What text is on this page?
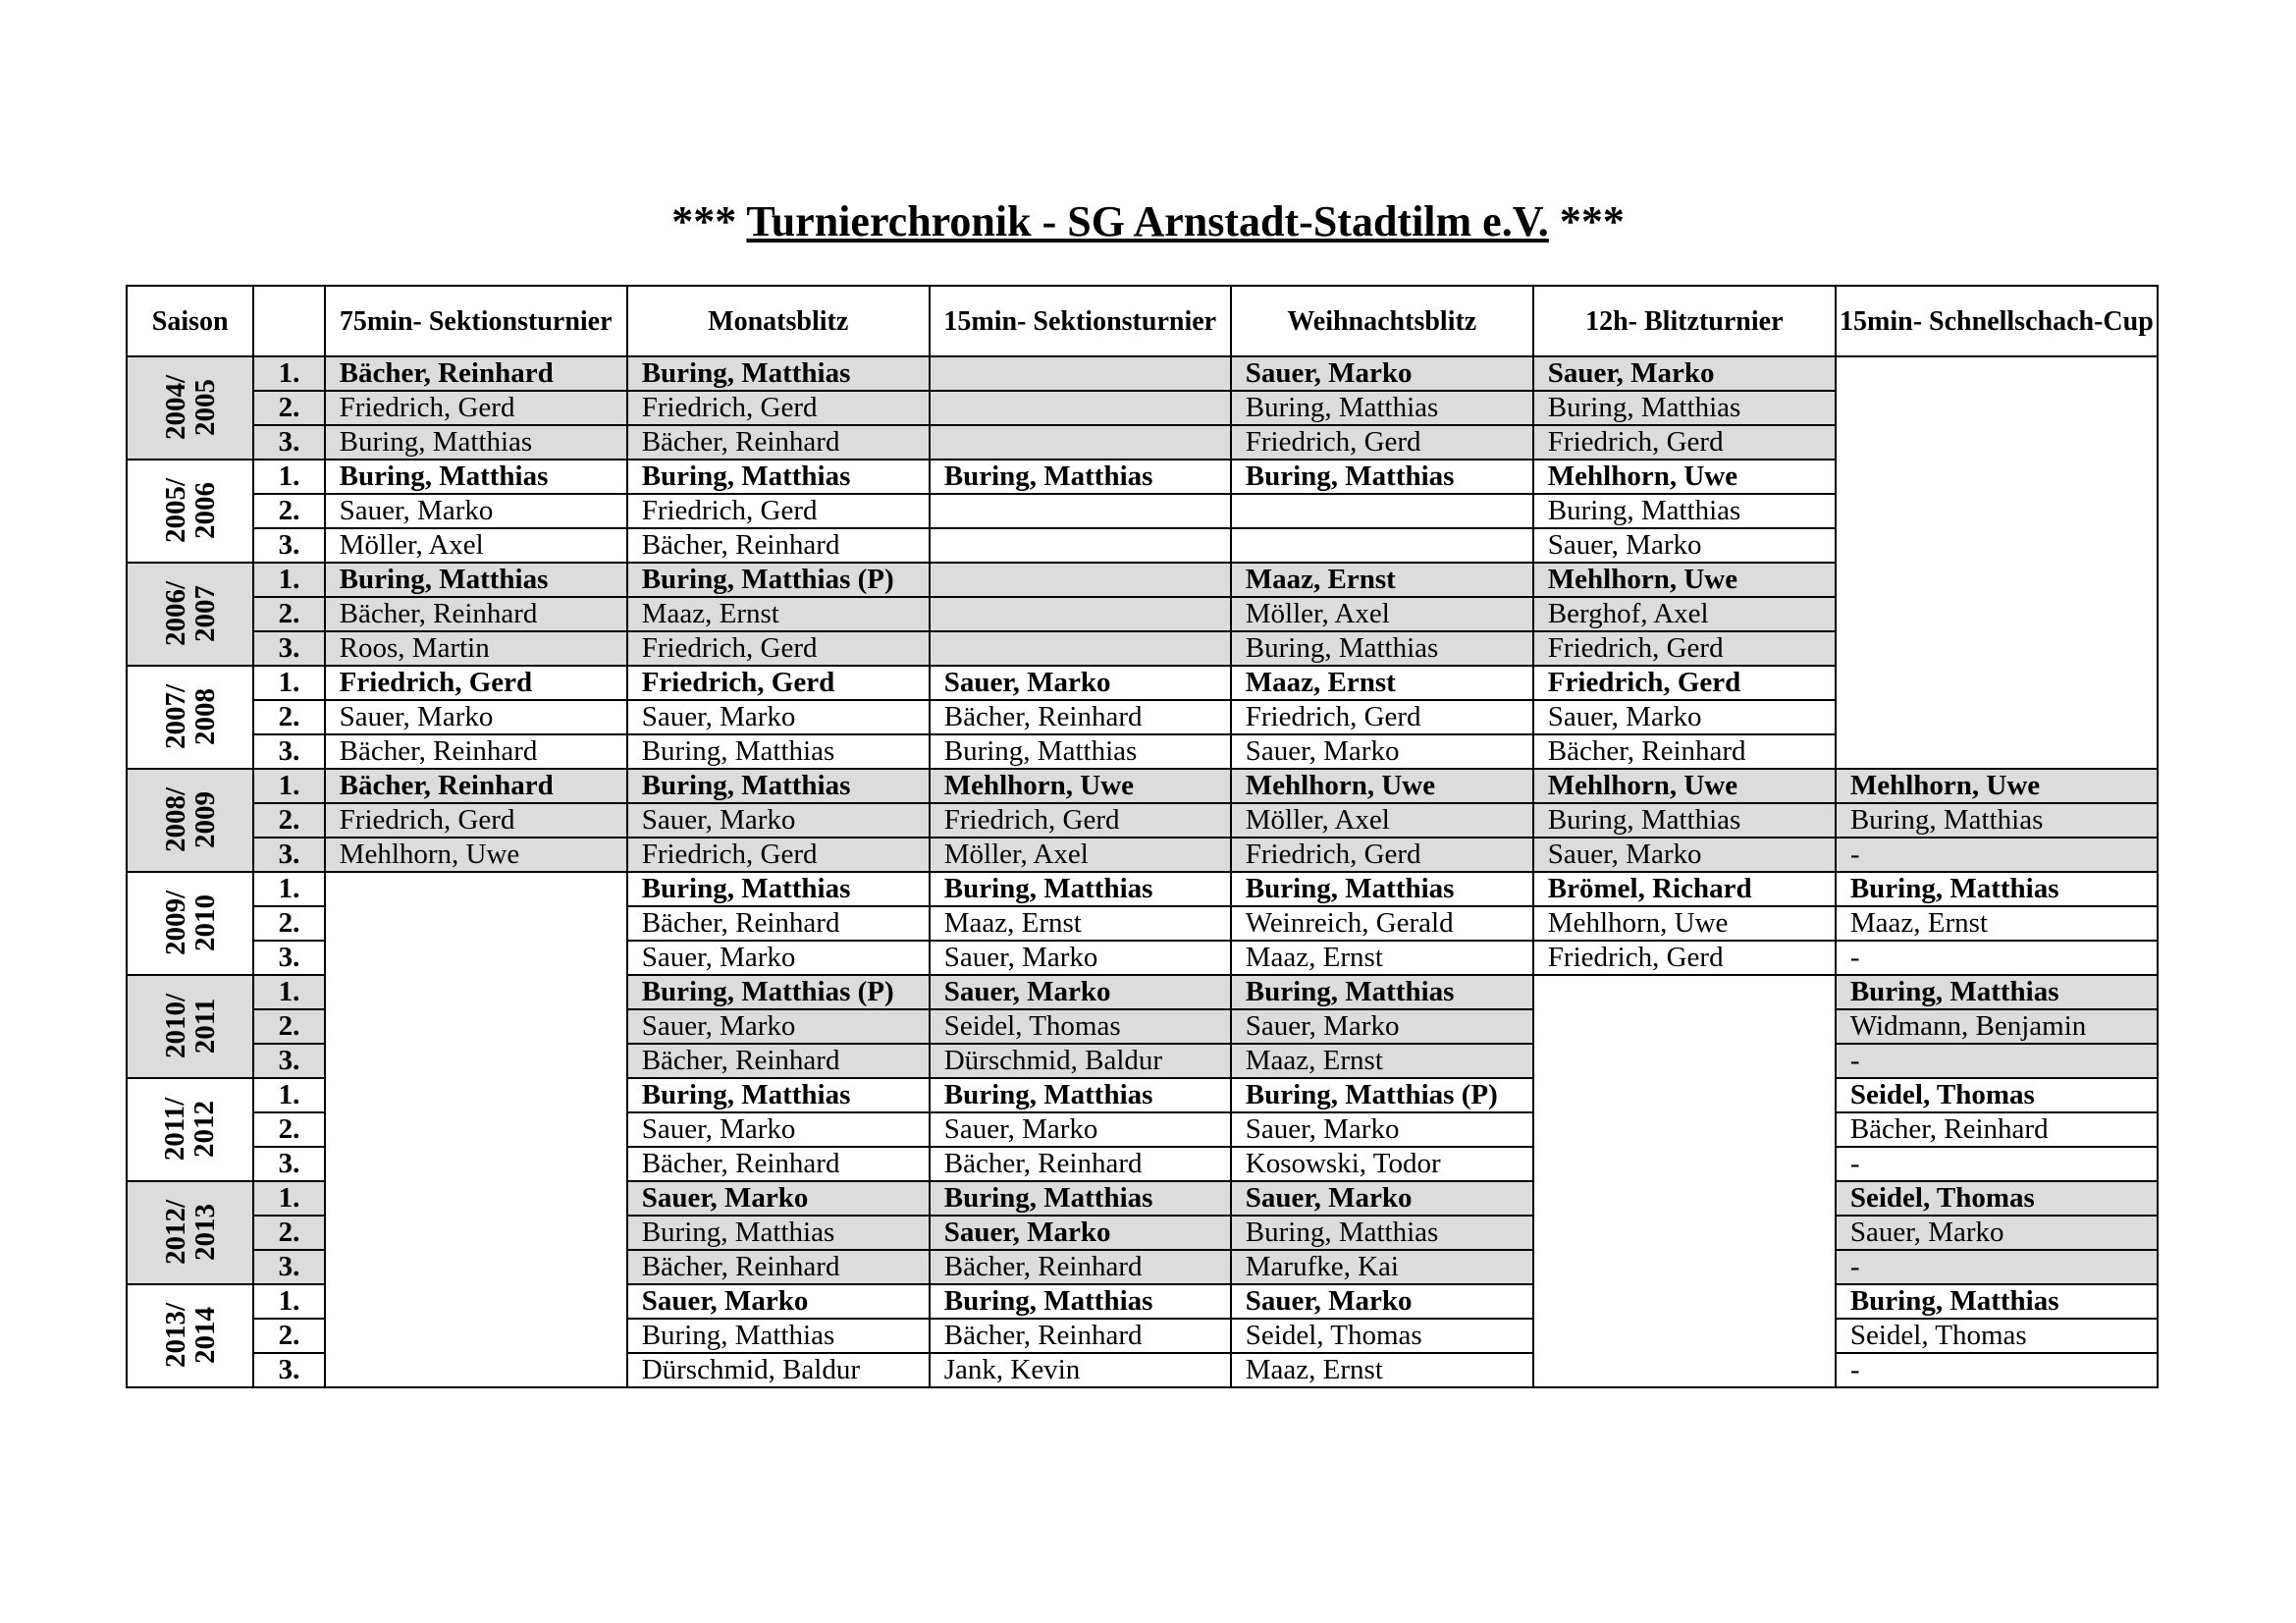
*** Turnierchronik - SG Arnstadt-Stadtilm e.V. ***
Saison		75min- Sektionsturnier	Monatsblitz	15min- Sektionsturnier	Weihnachtsblitz	12h- Blitzturnier	15min- Schnellschach-Cup

2004/
2005	1.	Bächer, Reinhard	Buring, Matthias		Sauer, Marko	Sauer, Marko	
	2.	Friedrich, Gerd	Friedrich, Gerd		Buring, Matthias	Buring, Matthias	
	3.	Buring, Matthias	Bächer, Reinhard		Friedrich, Gerd	Friedrich, Gerd	

2005/
2006	1.	Buring, Matthias	Buring, Matthias	Buring, Matthias	Buring, Matthias	Mehlhorn, Uwe	
	2.	Sauer, Marko	Friedrich, Gerd			Buring, Matthias	
	3.	Möller, Axel	Bächer, Reinhard			Sauer, Marko	

2006/
2007	1.	Buring, Matthias	Buring, Matthias (P)		Maaz, Ernst	Mehlhorn, Uwe	
	2.	Bächer, Reinhard	Maaz, Ernst		Möller, Axel	Berghof, Axel	
	3.	Roos, Martin	Friedrich, Gerd		Buring, Matthias	Friedrich, Gerd	

2007/
2008	1.	Friedrich, Gerd	Friedrich, Gerd	Sauer, Marko	Maaz, Ernst	Friedrich, Gerd	
	2.	Sauer, Marko	Sauer, Marko	Bächer, Reinhard	Friedrich, Gerd	Sauer, Marko	
	3.	Bächer, Reinhard	Buring, Matthias	Buring, Matthias	Sauer, Marko	Bächer, Reinhard	

2008/
2009	1.	Bächer, Reinhard	Buring, Matthias	Mehlhorn, Uwe	Mehlhorn, Uwe	Mehlhorn, Uwe	Mehlhorn, Uwe
	2.	Friedrich, Gerd	Sauer, Marko	Friedrich, Gerd	Möller, Axel	Buring, Matthias	Buring, Matthias
	3.	Mehlhorn, Uwe	Friedrich, Gerd	Möller, Axel	Friedrich, Gerd	Sauer, Marko	-

2009/
2010	1.		Buring, Matthias	Buring, Matthias	Buring, Matthias	Brömel, Richard	Buring, Matthias
	2.		Bächer, Reinhard	Maaz, Ernst	Weinreich, Gerald	Mehlhorn, Uwe	Maaz, Ernst
	3.		Sauer, Marko	Sauer, Marko	Maaz, Ernst	Friedrich, Gerd	-

2010/
2011	1.		Buring, Matthias (P)	Sauer, Marko	Buring, Matthias		Buring, Matthias
	2.		Sauer, Marko	Seidel, Thomas	Sauer, Marko		Widmann, Benjamin
	3.		Bächer, Reinhard	Dürschmid, Baldur	Maaz, Ernst		-

2011/
2012	1.		Buring, Matthias	Buring, Matthias	Buring, Matthias (P)		Seidel, Thomas
	2.		Sauer, Marko	Sauer, Marko	Sauer, Marko		Bächer, Reinhard
	3.		Bächer, Reinhard	Bächer, Reinhard	Kosowski, Todor		-

2012/
2013	1.		Sauer, Marko	Buring, Matthias	Sauer, Marko		Seidel, Thomas
	2.		Buring, Matthias	Sauer, Marko	Buring, Matthias		Sauer, Marko
	3.		Bächer, Reinhard	Bächer, Reinhard	Marufke, Kai		-

2013/
2014	1.		Sauer, Marko	Buring, Matthias	Sauer, Marko		Buring, Matthias
	2.		Buring, Matthias	Bächer, Reinhard	Seidel, Thomas		Seidel, Thomas
	3.		Dürschmid, Baldur	Jank, Kevin	Maaz, Ernst		-
